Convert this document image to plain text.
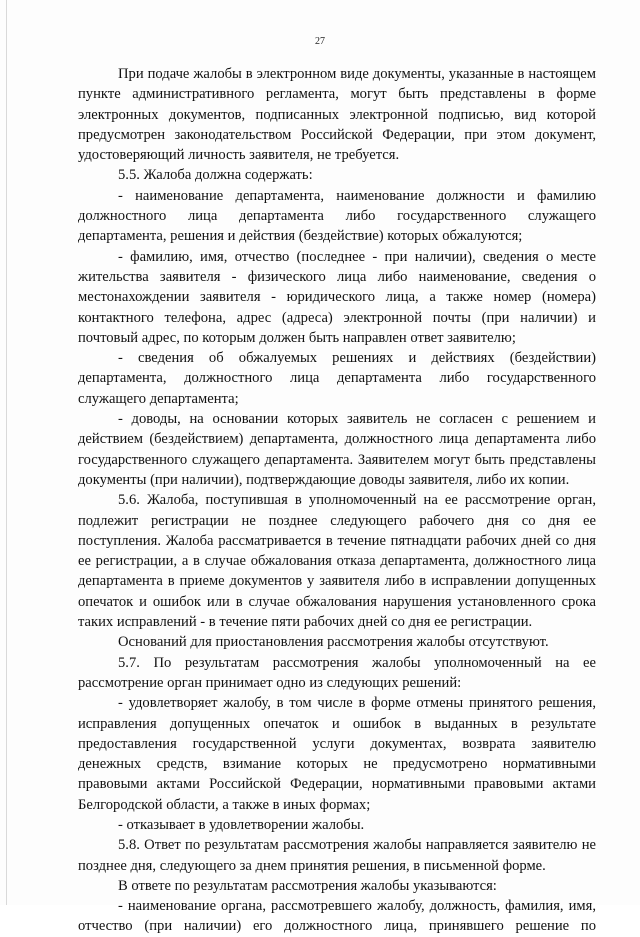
27

При подаче жалобы в электронном виде документы, указанные в настоящем пункте административного регламента, могут быть представлены в форме электронных документов, подписанных электронной подписью, вид которой предусмотрен законодательством Российской Федерации, при этом документ, удостоверяющий личность заявителя, не требуется.

5.5. Жалоба должна содержать:

- наименование департамента, наименование должности и фамилию должностного лица департамента либо государственного служащего департамента, решения и действия (бездействие) которых обжалуются;

- фамилию, имя, отчество (последнее - при наличии), сведения о месте жительства заявителя - физического лица либо наименование, сведения о местонахождении заявителя - юридического лица, а также номер (номера) контактного телефона, адрес (адреса) электронной почты (при наличии) и почтовый адрес, по которым должен быть направлен ответ заявителю;

- сведения об обжалуемых решениях и действиях (бездействии) департамента, должностного лица департамента либо государственного служащего департамента;

- доводы, на основании которых заявитель не согласен с решением и действием (бездействием) департамента, должностного лица департамента либо государственного служащего департамента. Заявителем могут быть представлены документы (при наличии), подтверждающие доводы заявителя, либо их копии.

5.6. Жалоба, поступившая в уполномоченный на ее рассмотрение орган, подлежит регистрации не позднее следующего рабочего дня со дня ее поступления. Жалоба рассматривается в течение пятнадцати рабочих дней со дня ее регистрации, а в случае обжалования отказа департамента, должностного лица департамента в приеме документов у заявителя либо в исправлении допущенных опечаток и ошибок или в случае обжалования нарушения установленного срока таких исправлений - в течение пяти рабочих дней со дня ее регистрации.

Оснований для приостановления рассмотрения жалобы отсутствуют.

5.7. По результатам рассмотрения жалобы уполномоченный на ее рассмотрение орган принимает одно из следующих решений:

- удовлетворяет жалобу, в том числе в форме отмены принятого решения, исправления допущенных опечаток и ошибок в выданных в результате предоставления государственной услуги документах, возврата заявителю денежных средств, взимание которых не предусмотрено нормативными правовыми актами Российской Федерации, нормативными правовыми актами Белгородской области, а также в иных формах;

- отказывает в удовлетворении жалобы.

5.8. Ответ по результатам рассмотрения жалобы направляется заявителю не позднее дня, следующего за днем принятия решения, в письменной форме.

В ответе по результатам рассмотрения жалобы указываются:

- наименование органа, рассмотревшего жалобу, должность, фамилия, имя, отчество (при наличии) его должностного лица, принявшего решение по
